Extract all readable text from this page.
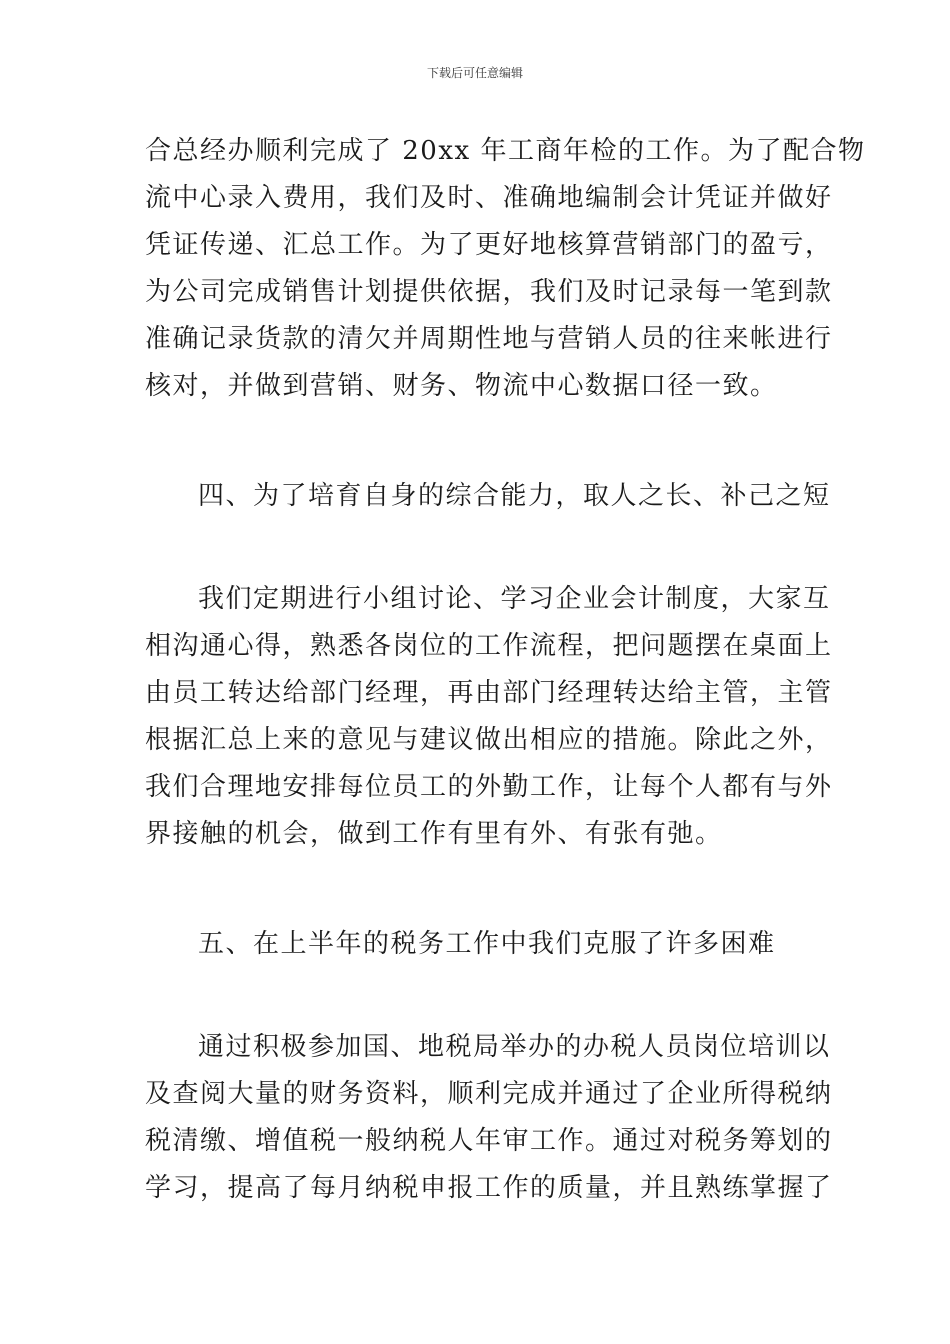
下载后可任意编辑
合总经办顺利完成了 20xx 年工商年检的工作。为了配合物
流中心录入费用，我们及时、准确地编制会计凭证并做好
凭证传递、汇总工作。为了更好地核算营销部门的盈亏，
为公司完成销售计划提供依据，我们及时记录每一笔到款
准确记录货款的清欠并周期性地与营销人员的往来帐进行
核对，并做到营销、财务、物流中心数据口径一致。
四、为了培育自身的综合能力，取人之长、补己之短
我们定期进行小组讨论、学习企业会计制度，大家互
相沟通心得，熟悉各岗位的工作流程，把问题摆在桌面上
由员工转达给部门经理，再由部门经理转达给主管，主管
根据汇总上来的意见与建议做出相应的措施。除此之外，
我们合理地安排每位员工的外勤工作，让每个人都有与外
界接触的机会，做到工作有里有外、有张有弛。
五、在上半年的税务工作中我们克服了许多困难
通过积极参加国、地税局举办的办税人员岗位培训以
及查阅大量的财务资料，顺利完成并通过了企业所得税纳
税清缴、增值税一般纳税人年审工作。通过对税务筹划的
学习，提高了每月纳税申报工作的质量，并且熟练掌握了
